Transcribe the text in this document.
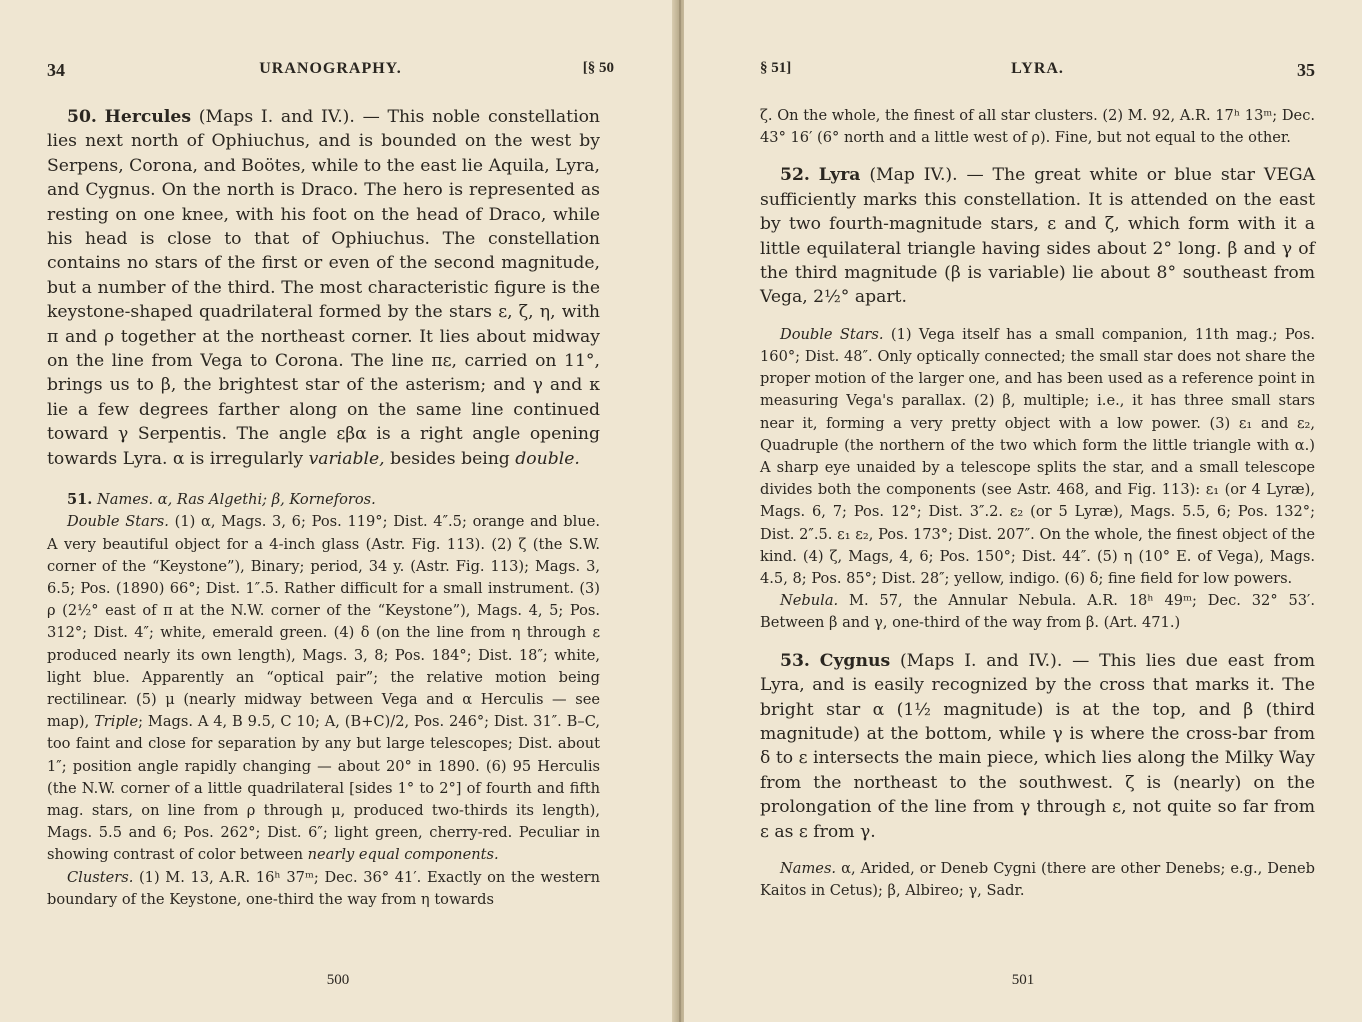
34	URANOGRAPHY.	[§ 50

50. Hercules (Maps I. and IV.). — This noble constellation lies next north of Ophiuchus, and is bounded on the west by Serpens, Corona, and Boötes, while to the east lie Aquila, Lyra, and Cygnus. On the north is Draco. The hero is represented as resting on one knee, with his foot on the head of Draco, while his head is close to that of Ophiuchus. The constellation contains no stars of the first or even of the second magnitude, but a number of the third. The most characteristic figure is the keystone-shaped quadrilateral formed by the stars ε, ζ, η, with π and ρ together at the northeast corner. It lies about midway on the line from Vega to Corona. The line πε, carried on 11°, brings us to β, the brightest star of the asterism; and γ and κ lie a few degrees farther along on the same line continued toward γ Serpentis. The angle εβα is a right angle opening towards Lyra. α is irregularly variable, besides being double.

51. Names. α, Ras Algethi; β, Korneforos.

Double Stars. (1) α, Mags. 3, 6; Pos. 119°; Dist. 4″.5; orange and blue. A very beautiful object for a 4-inch glass (Astr. Fig. 113). (2) ζ (the S.W. corner of the “Keystone”), Binary; period, 34 y. (Astr. Fig. 113); Mags. 3, 6.5; Pos. (1890) 66°; Dist. 1″.5. Rather difficult for a small instrument. (3) ρ (2½° east of π at the N.W. corner of the “Keystone”), Mags. 4, 5; Pos. 312°; Dist. 4″; white, emerald green. (4) δ (on the line from η through ε produced nearly its own length), Mags. 3, 8; Pos. 184°; Dist. 18″; white, light blue. Apparently an “optical pair”; the relative motion being rectilinear. (5) μ (nearly midway between Vega and α Herculis — see map), Triple; Mags. A 4, B 9.5, C 10; A, (B+C)/2, Pos. 246°; Dist. 31″. B–C, too faint and close for separation by any but large telescopes; Dist. about 1″; position angle rapidly changing — about 20° in 1890. (6) 95 Herculis (the N.W. corner of a little quadrilateral [sides 1° to 2°] of fourth and fifth mag. stars, on line from ρ through μ, produced two-thirds its length), Mags. 5.5 and 6; Pos. 262°; Dist. 6″; light green, cherry-red. Peculiar in showing contrast of color between nearly equal components.

Clusters. (1) M. 13, A.R. 16ʰ 37ᵐ; Dec. 36° 41′. Exactly on the western boundary of the Keystone, one-third the way from η towards

500
§ 51]	LYRA.	35

ζ. On the whole, the finest of all star clusters. (2) M. 92, A.R. 17ʰ 13ᵐ; Dec. 43° 16′ (6° north and a little west of ρ). Fine, but not equal to the other.

52. Lyra (Map IV.). — The great white or blue star VEGA sufficiently marks this constellation. It is attended on the east by two fourth-magnitude stars, ε and ζ, which form with it a little equilateral triangle having sides about 2° long. β and γ of the third magnitude (β is variable) lie about 8° southeast from Vega, 2½° apart.

Double Stars. (1) Vega itself has a small companion, 11th mag.; Pos. 160°; Dist. 48″. Only optically connected; the small star does not share the proper motion of the larger one, and has been used as a reference point in measuring Vega's parallax. (2) β, multiple; i.e., it has three small stars near it, forming a very pretty object with a low power. (3) ε₁ and ε₂, Quadruple (the northern of the two which form the little triangle with α.) A sharp eye unaided by a telescope splits the star, and a small telescope divides both the components (see Astr. 468, and Fig. 113): ε₁ (or 4 Lyræ), Mags. 6, 7; Pos. 12°; Dist. 3″.2. ε₂ (or 5 Lyræ), Mags. 5.5, 6; Pos. 132°; Dist. 2″.5. ε₁ ε₂, Pos. 173°; Dist. 207″. On the whole, the finest object of the kind. (4) ζ, Mags, 4, 6; Pos. 150°; Dist. 44″. (5) η (10° E. of Vega), Mags. 4.5, 8; Pos. 85°; Dist. 28″; yellow, indigo. (6) δ; fine field for low powers.

Nebula. M. 57, the Annular Nebula. A.R. 18ʰ 49ᵐ; Dec. 32° 53′. Between β and γ, one-third of the way from β. (Art. 471.)

53. Cygnus (Maps I. and IV.). — This lies due east from Lyra, and is easily recognized by the cross that marks it. The bright star α (1½ magnitude) is at the top, and β (third magnitude) at the bottom, while γ is where the cross-bar from δ to ε intersects the main piece, which lies along the Milky Way from the northeast to the southwest. ζ is (nearly) on the prolongation of the line from γ through ε, not quite so far from ε as ε from γ.

Names. α, Arided, or Deneb Cygni (there are other Denebs; e.g., Deneb Kaitos in Cetus); β, Albireo; γ, Sadr.

501
